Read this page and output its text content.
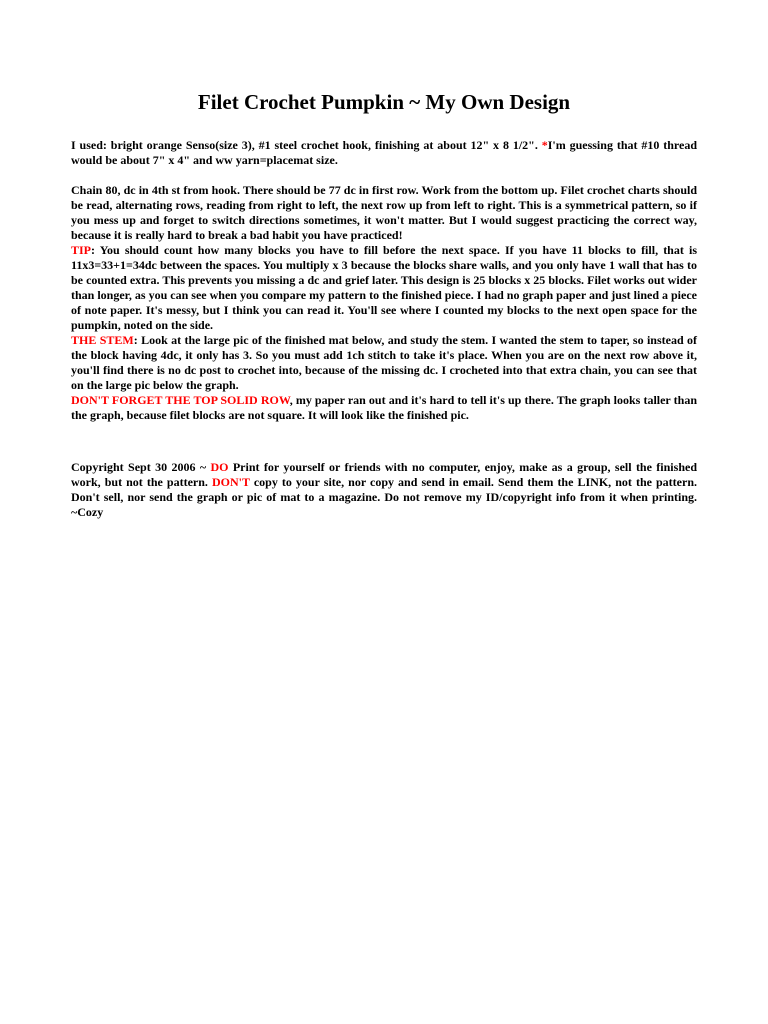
Filet Crochet Pumpkin ~ My Own Design

I used: bright orange Senso(size 3), #1 steel crochet hook, finishing at about 12" x 8 1/2". *I'm guessing that #10 thread would be about 7" x 4" and ww yarn=placemat size.

Chain 80, dc in 4th st from hook. There should be 77 dc in first row. Work from the bottom up. Filet crochet charts should be read, alternating rows, reading from right to left, the next row up from left to right. This is a symmetrical pattern, so if you mess up and forget to switch directions sometimes, it won't matter. But I would suggest practicing the correct way, because it is really hard to break a bad habit you have practiced!
TIP: You should count how many blocks you have to fill before the next space. If you have 11 blocks to fill, that is 11x3=33+1=34dc between the spaces. You multiply x 3 because the blocks share walls, and you only have 1 wall that has to be counted extra. This prevents you missing a dc and grief later. This design is 25 blocks x 25 blocks. Filet works out wider than longer, as you can see when you compare my pattern to the finished piece. I had no graph paper and just lined a piece of note paper. It's messy, but I think you can read it. You'll see where I counted my blocks to the next open space for the pumpkin, noted on the side.
THE STEM: Look at the large pic of the finished mat below, and study the stem. I wanted the stem to taper, so instead of the block having 4dc, it only has 3. So you must add 1ch stitch to take it's place. When you are on the next row above it, you'll find there is no dc post to crochet into, because of the missing dc. I crocheted into that extra chain, you can see that on the large pic below the graph.
DON'T FORGET THE TOP SOLID ROW, my paper ran out and it's hard to tell it's up there. The graph looks taller than the graph, because filet blocks are not square. It will look like the finished pic.

Copyright Sept 30 2006 ~ DO Print for yourself or friends with no computer, enjoy, make as a group, sell the finished work, but not the pattern. DON'T copy to your site, nor copy and send in email. Send them the LINK, not the pattern. Don't sell, nor send the graph or pic of mat to a magazine. Do not remove my ID/copyright info from it when printing. ~Cozy
